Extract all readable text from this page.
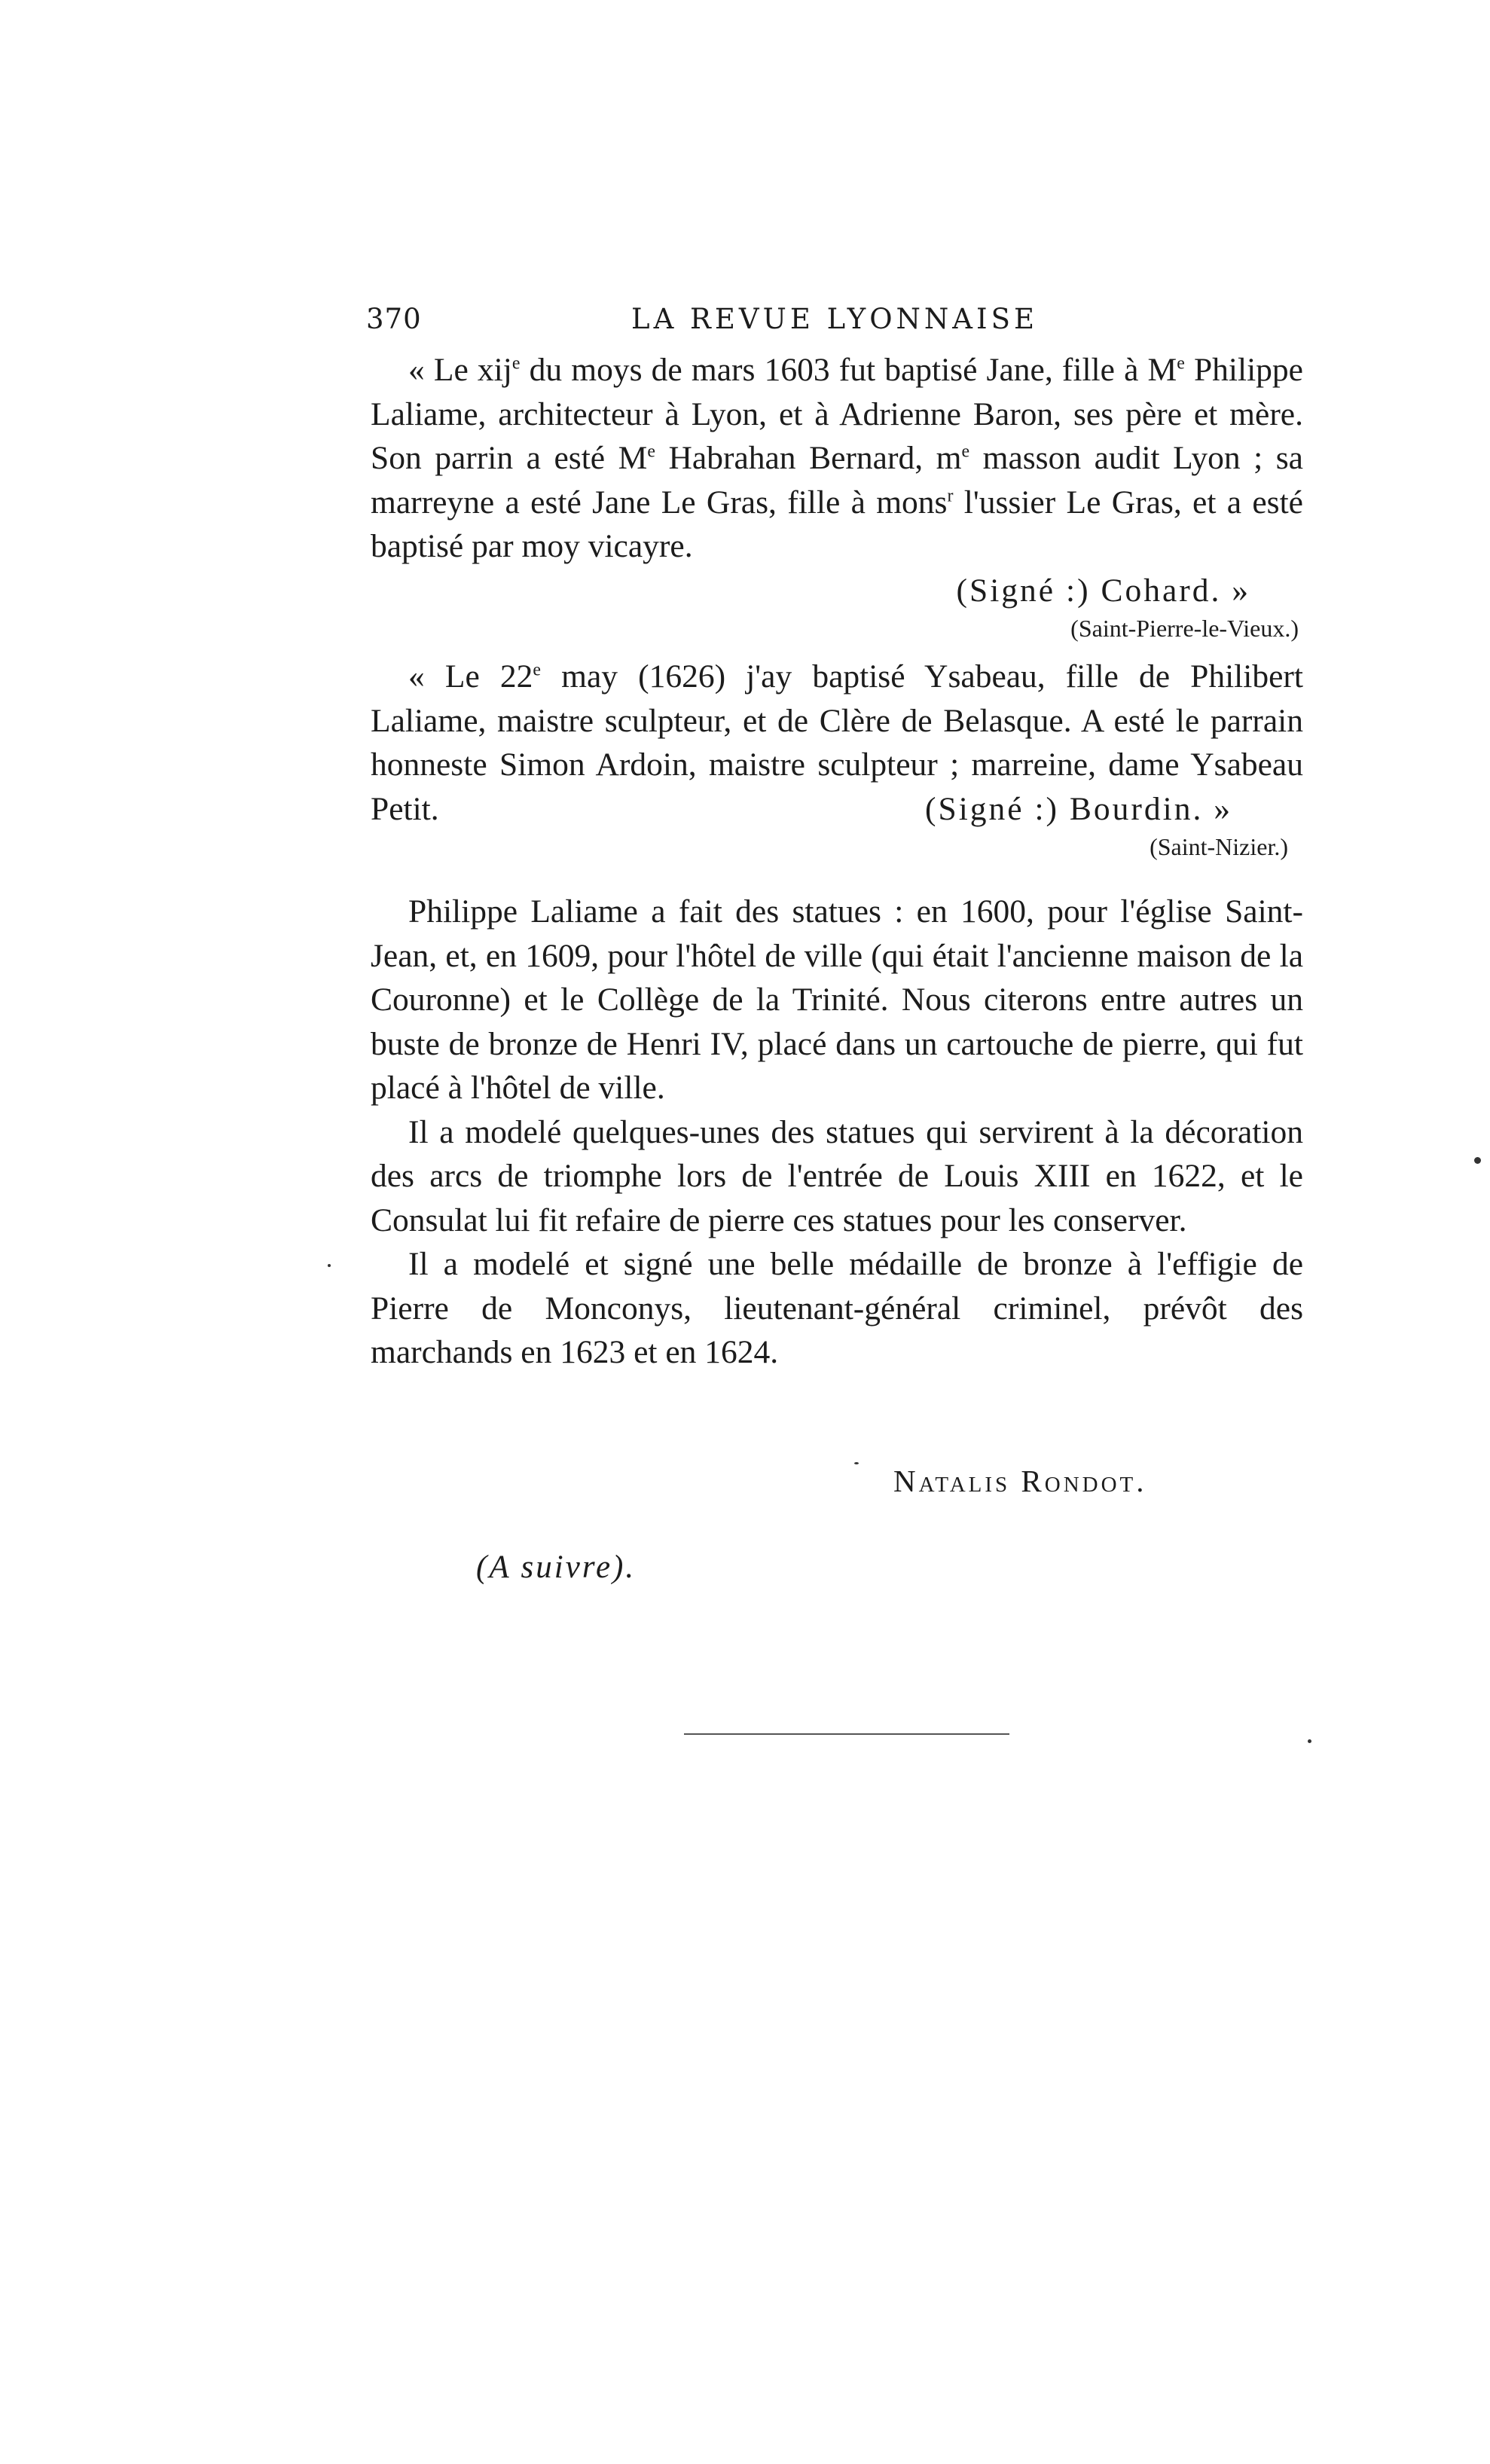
370	LA REVUE LYONNAISE

« Le xij$^e$ du moys de mars 1603 fut baptisé Jane, fille à Me Philippe Laliame, architecteur à Lyon, et à Adrienne Baron, ses père et mère. Son parrin a esté Me Habrahan Bernard, $m^e$ masson audit Lyon ; sa marreyne a esté Jane Le Gras, fille à mons$^r$ l'ussier Le Gras, et a esté baptisé par moy vicayre.

(Signé :) Cohard. »
(Saint-Pierre-le-Vieux.)

« Le 22e may (1626) j'ay baptisé Ysabeau, fille de Philibert Laliame, maistre sculpteur, et de Clère de Belasque. A esté le parrain honneste Simon Ardoin, maistre sculpteur ; marreine, dame Ysabeau Petit.	(Signé :) Bourdin. »

(Saint-Nizier.)

Philippe Laliame a fait des statues : en 1600, pour l'église Saint-Jean, et, en 1609, pour l'hôtel de ville (qui était l'ancienne maison de la Couronne) et le Collège de la Trinité. Nous citerons entre autres un buste de bronze de Henri IV, placé dans un cartouche de pierre, qui fut placé à l'hôtel de ville.

Il a modelé quelques-unes des statues qui servirent à la décoration des arcs de triomphe lors de l'entrée de Louis XIII en 1622, et le Consulat lui fit refaire de pierre ces statues pour les conserver.

Il a modelé et signé une belle médaille de bronze à l'effigie de Pierre de Monconys, lieutenant-général criminel, prévôt des marchands en 1623 et en 1624.

Natalis Rondot.
(A suivre).
